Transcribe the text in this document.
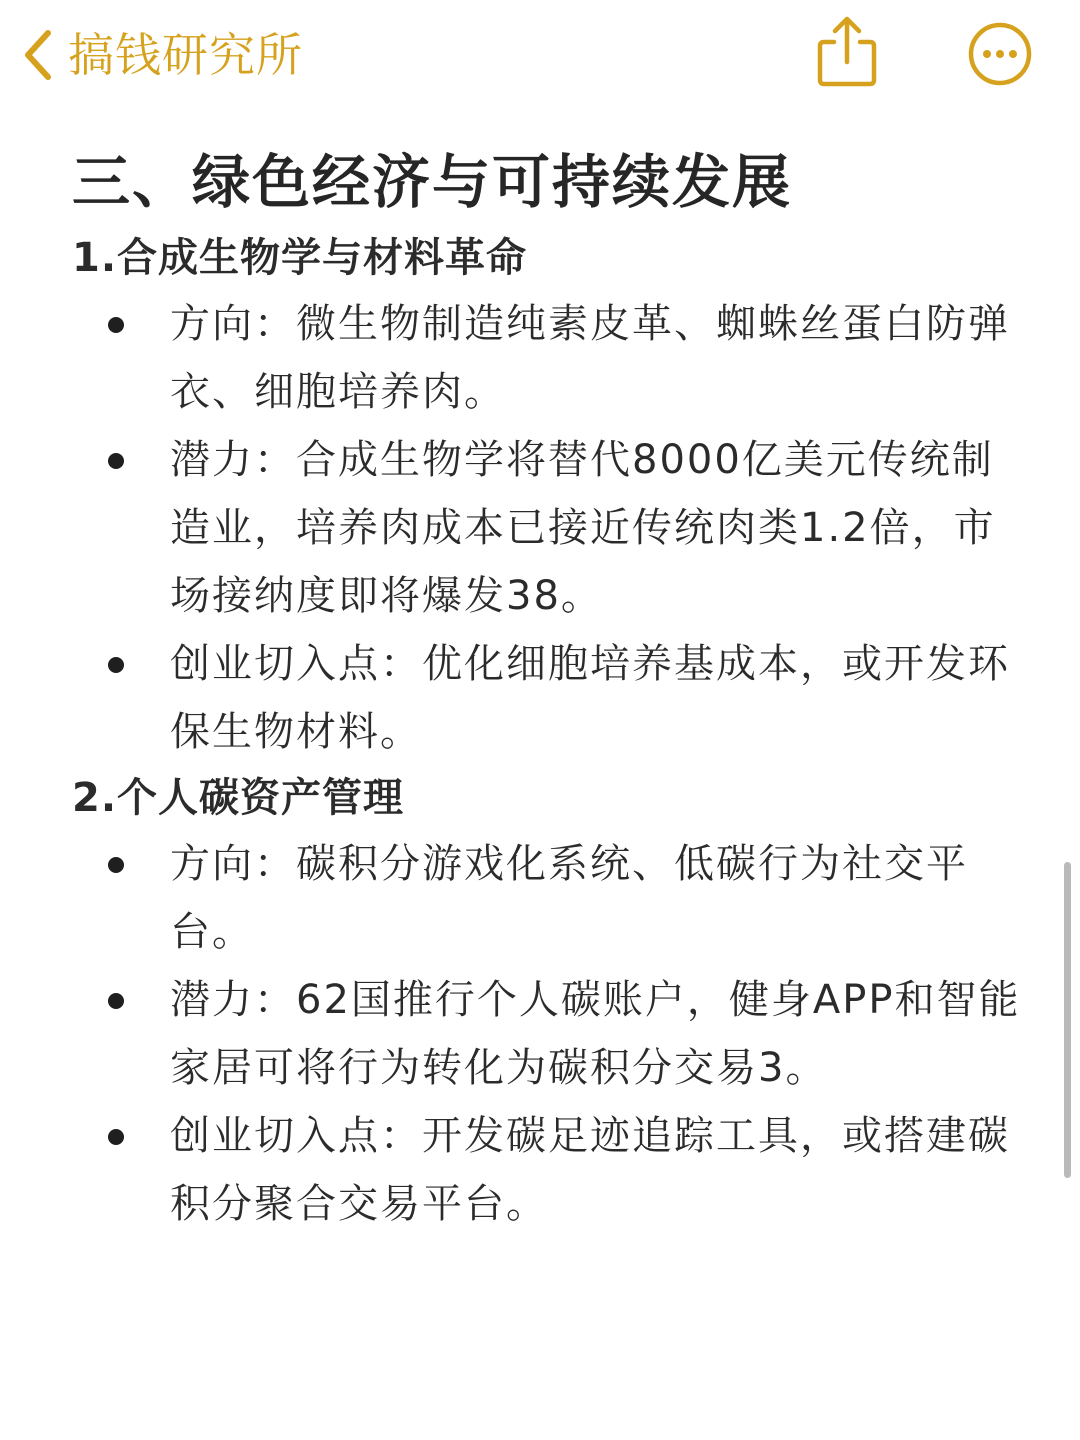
搞钱研究所
三、绿色经济与可持续发展
1.合成生物学与材料革命
方向：微生物制造纯素皮革、蜘蛛丝蛋白防弹衣、细胞培养肉。
潜力：合成生物学将替代8000亿美元传统制造业，培养肉成本已接近传统肉类1.2倍，市场接纳度即将爆发38。
创业切入点：优化细胞培养基成本，或开发环保生物材料。
2.个人碳资产管理
方向：碳积分游戏化系统、低碳行为社交平台。
潜力：62国推行个人碳账户，健身APP和智能家居可将行为转化为碳积分交易3。
创业切入点：开发碳足迹追踪工具，或搭建碳积分聚合交易平台。
